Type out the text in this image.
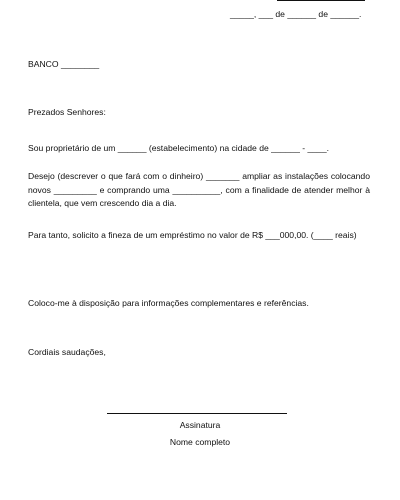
_____, ___ de ______ de ______.
BANCO ________
Prezados Senhores:
Sou proprietário de um ______ (estabelecimento) na cidade de ______ - ____.
Desejo (descrever o que fará com o dinheiro) _______ ampliar as instalações colocando novos _________ e comprando uma __________, com a finalidade de atender melhor à clientela, que vem crescendo dia a dia.
Para tanto, solicito a fineza de um empréstimo no valor de R$ ___000,00. (____ reais)
Coloco-me à disposição para informações complementares e referências.
Cordiais saudações,
Assinatura
Nome completo
